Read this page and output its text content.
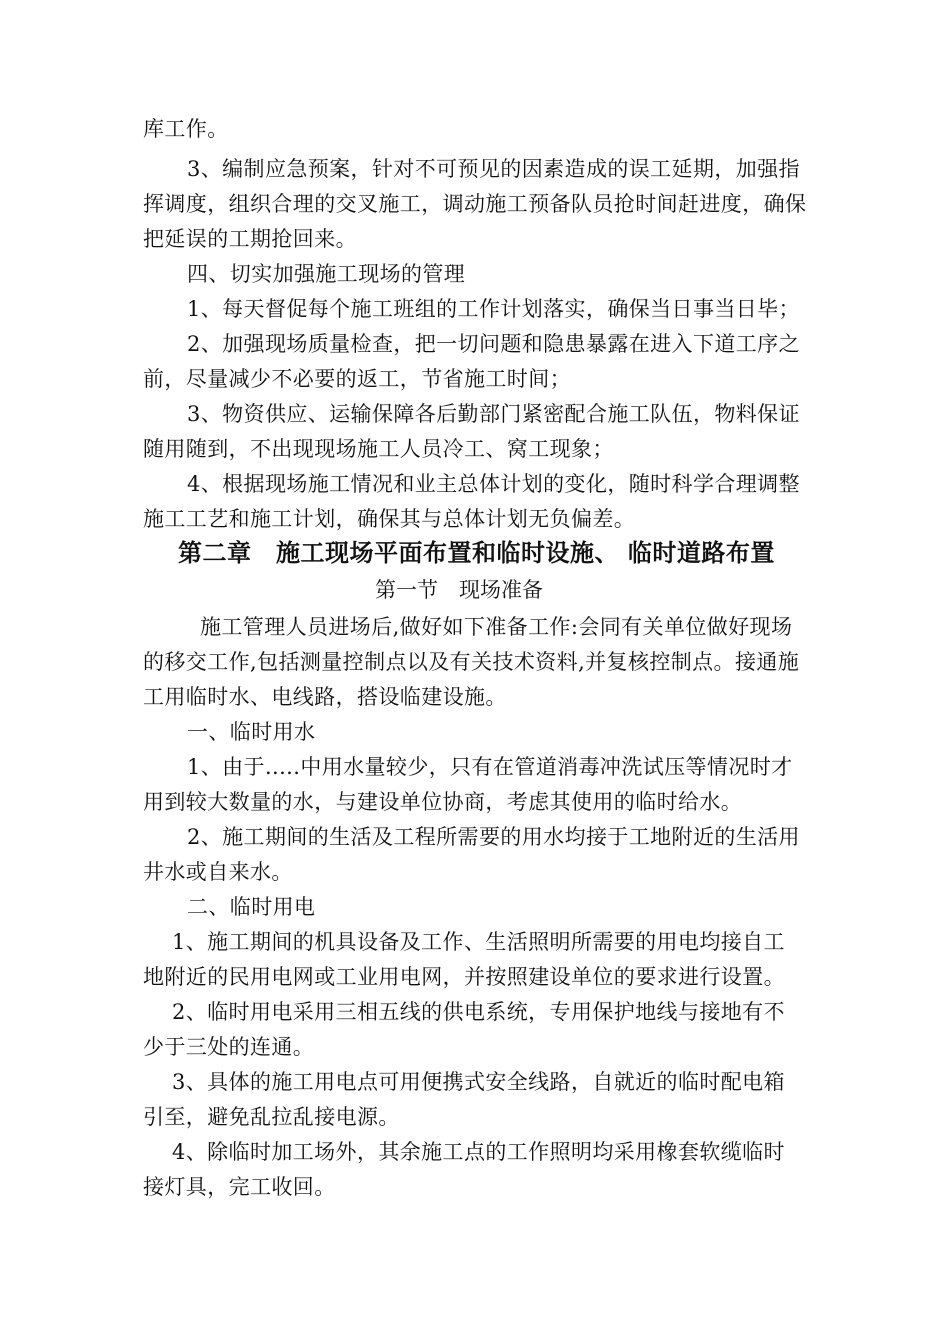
库工作。
3、编制应急预案，针对不可预见的因素造成的误工延期，加强指
挥调度，组织合理的交叉施工，调动施工预备队员抢时间赶进度，确保
把延误的工期抢回来。
四、切实加强施工现场的管理
1、每天督促每个施工班组的工作计划落实，确保当日事当日毕；
2、加强现场质量检查，把一切问题和隐患暴露在进入下道工序之
前，尽量减少不必要的返工，节省施工时间；
3、物资供应、运输保障各后勤部门紧密配合施工队伍，物料保证
随用随到，不出现现场施工人员冷工、窝工现象；
4、根据现场施工情况和业主总体计划的变化，随时科学合理调整
施工工艺和施工计划，确保其与总体计划无负偏差。
第二章　施工现场平面布置和临时设施、 临时道路布置
第一节　现场准备
施工管理人员进场后,做好如下准备工作:会同有关单位做好现场
的移交工作,包括测量控制点以及有关技术资料,并复核控制点。接通施
工用临时水、电线路，搭设临建设施。
一、临时用水
1、由于.....中用水量较少，只有在管道消毒冲洗试压等情况时才
用到较大数量的水，与建设单位协商，考虑其使用的临时给水。
2、施工期间的生活及工程所需要的用水均接于工地附近的生活用
井水或自来水。
二、临时用电
1、施工期间的机具设备及工作、生活照明所需要的用电均接自工
地附近的民用电网或工业用电网，并按照建设单位的要求进行设置。
2、临时用电采用三相五线的供电系统，专用保护地线与接地有不
少于三处的连通。
3、具体的施工用电点可用便携式安全线路，自就近的临时配电箱
引至，避免乱拉乱接电源。
4、除临时加工场外，其余施工点的工作照明均采用橡套软缆临时
接灯具，完工收回。
